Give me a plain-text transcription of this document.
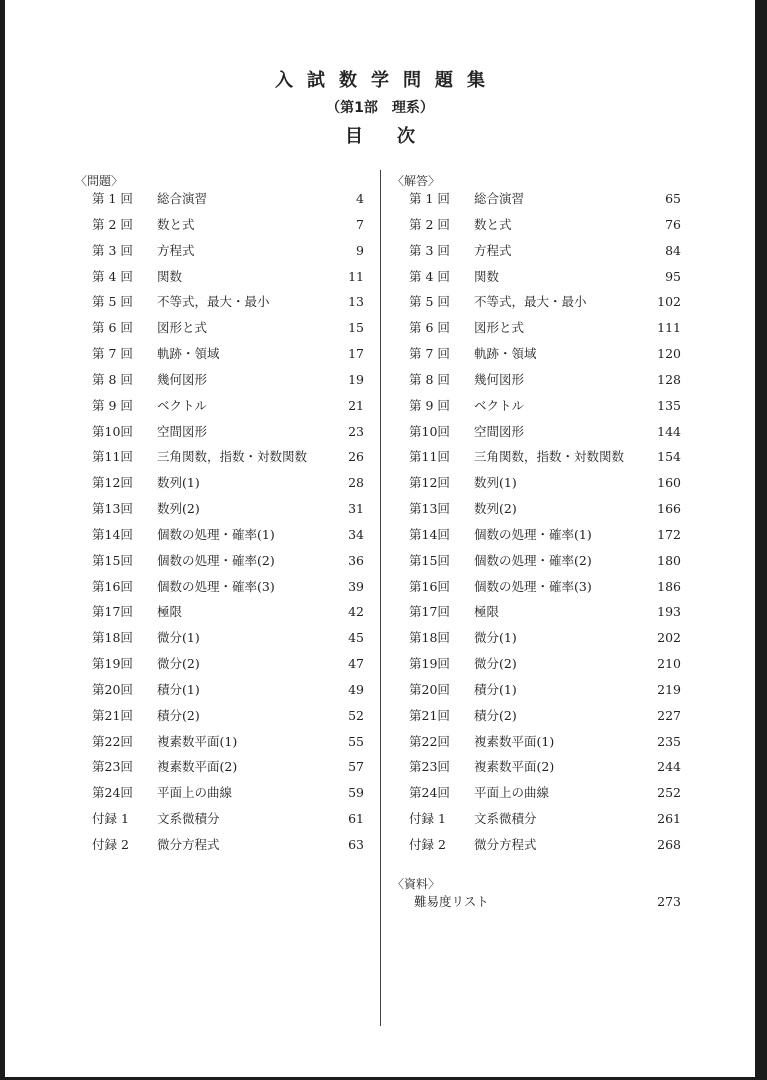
入試数学問題集
（第1部　理系）
目次
〈問題〉
第 1 回 総合演習	4
第 2 回 数と式	7
第 3 回 方程式	9
第 4 回 関数	11
第 5 回 不等式，最大・最小	13
第 6 回 図形と式	15
第 7 回 軌跡・領域	17
第 8 回 幾何図形	19
第 9 回 ベクトル	21
第10回 空間図形	23
第11回 三角関数，指数・対数関数	26
第12回 数列(1)	28
第13回 数列(2)	31
第14回 個数の処理・確率(1)	34
第15回 個数の処理・確率(2)	36
第16回 個数の処理・確率(3)	39
第17回 極限	42
第18回 微分(1)	45
第19回 微分(2)	47
第20回 積分(1)	49
第21回 積分(2)	52
第22回 複素数平面(1)	55
第23回 複素数平面(2)	57
第24回 平面上の曲線	59
付録 1 文系微積分	61
付録 2 微分方程式	63
〈解答〉
第 1 回 総合演習	65
第 2 回 数と式	76
第 3 回 方程式	84
第 4 回 関数	95
第 5 回 不等式，最大・最小	102
第 6 回 図形と式	111
第 7 回 軌跡・領域	120
第 8 回 幾何図形	128
第 9 回 ベクトル	135
第10回 空間図形	144
第11回 三角関数，指数・対数関数	154
第12回 数列(1)	160
第13回 数列(2)	166
第14回 個数の処理・確率(1)	172
第15回 個数の処理・確率(2)	180
第16回 個数の処理・確率(3)	186
第17回 極限	193
第18回 微分(1)	202
第19回 微分(2)	210
第20回 積分(1)	219
第21回 積分(2)	227
第22回 複素数平面(1)	235
第23回 複素数平面(2)	244
第24回 平面上の曲線	252
付録 1 文系微積分	261
付録 2 微分方程式	268
〈資料〉
難易度リスト	273
